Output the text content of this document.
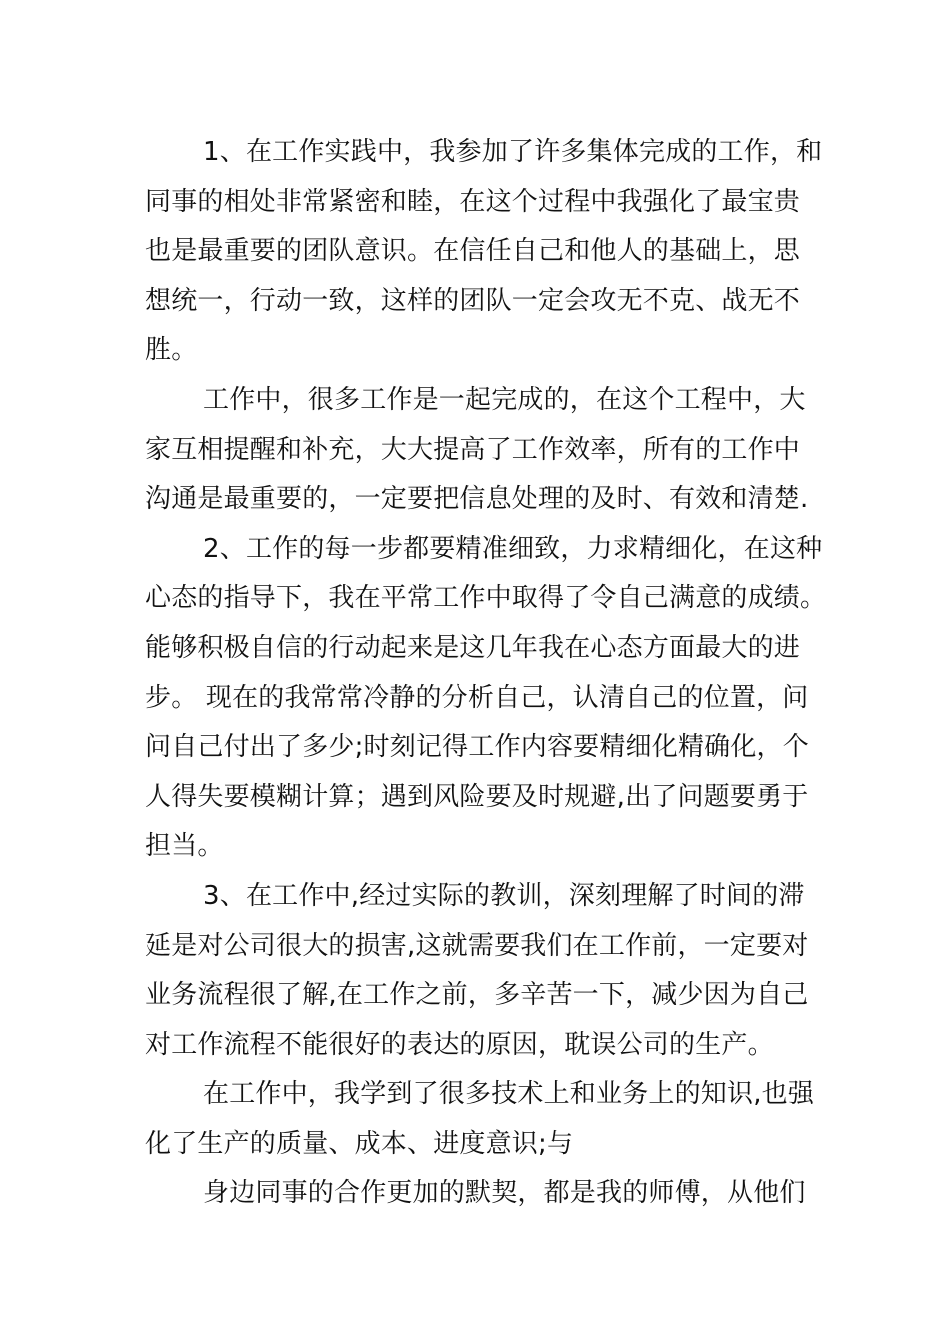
1、在工作实践中，我参加了许多集体完成的工作，和
同事的相处非常紧密和睦，在这个过程中我强化了最宝贵
也是最重要的团队意识。在信任自己和他人的基础上，思
想统一，行动一致，这样的团队一定会攻无不克、战无不
胜。
工作中，很多工作是一起完成的，在这个工程中，大
家互相提醒和补充，大大提高了工作效率，所有的工作中
沟通是最重要的，一定要把信息处理的及时、有效和清楚.
2、工作的每一步都要精准细致，力求精细化，在这种
心态的指导下，我在平常工作中取得了令自己满意的成绩。
能够积极自信的行动起来是这几年我在心态方面最大的进
步。 现在的我常常冷静的分析自己，认清自己的位置，问
问自己付出了多少;时刻记得工作内容要精细化精确化，个
人得失要模糊计算；遇到风险要及时规避,出了问题要勇于
担当。
3、在工作中,经过实际的教训，深刻理解了时间的滞
延是对公司很大的损害,这就需要我们在工作前，一定要对
业务流程很了解,在工作之前，多辛苦一下，减少因为自己
对工作流程不能很好的表达的原因，耽误公司的生产。
在工作中，我学到了很多技术上和业务上的知识,也强
化了生产的质量、成本、进度意识;与
身边同事的合作更加的默契，都是我的师傅，从他们
